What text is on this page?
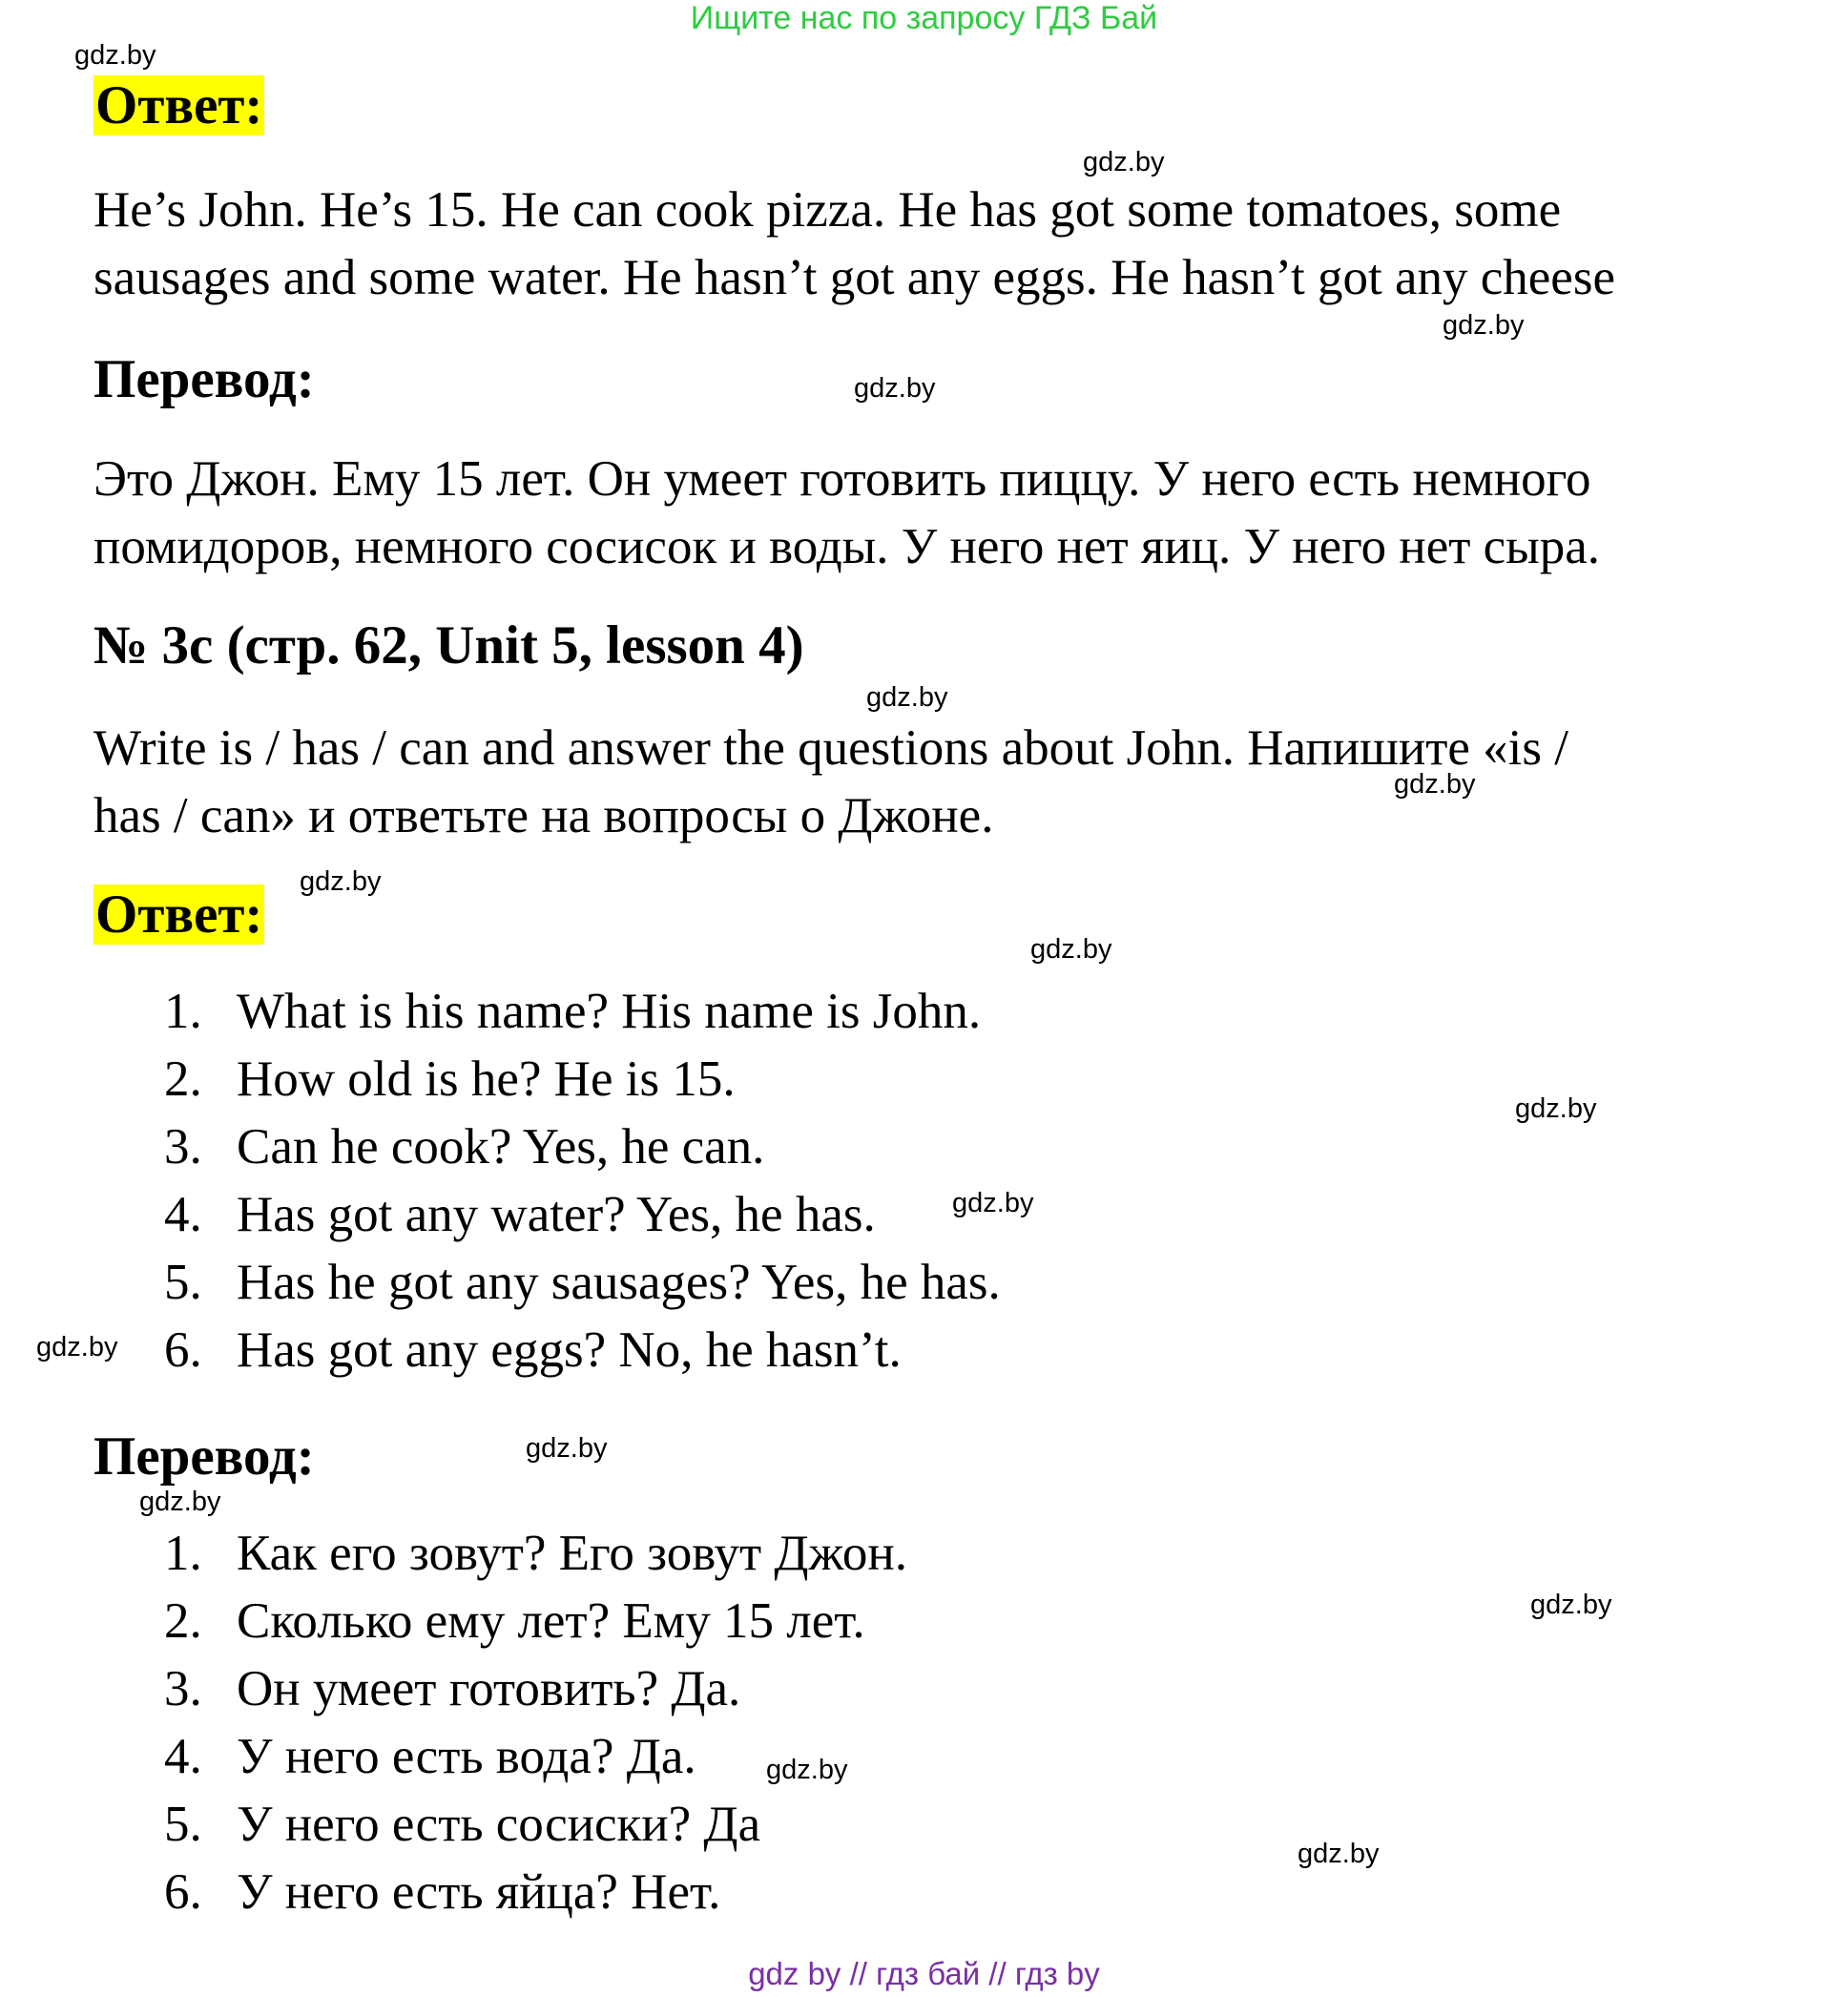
Ищите нас по запросу ГДЗ Бай
gdz.by
gdz.by
gdz.by
gdz.by
gdz.by
gdz.by
gdz.by
gdz.by
gdz.by
gdz.by
gdz.by
gdz.by
gdz.by
gdz.by
gdz.by
gdz.by
Ответ:
He’s John. He’s 15. He can cook pizza. He has got some tomatoes, some
sausages and some water. He hasn’t got any eggs. He hasn’t got any cheese
Перевод:
Это Джон. Ему 15 лет. Он умеет готовить пиццу. У него есть немного
помидоров, немного сосисок и воды. У него нет яиц. У него нет сыра.
№ 3c (стр. 62, Unit 5, lesson 4)
Write is / has / can and answer the questions about John. Напишите «is /
has / can» и ответьте на вопросы о Джоне.
Ответ:
1. What is his name? His name is John.
2. How old is he? He is 15.
3. Can he cook? Yes, he can.
4. Has got any water? Yes, he has.
5. Has he got any sausages? Yes, he has.
6. Has got any eggs? No, he hasn’t.
Перевод:
1. Как его зовут? Его зовут Джон.
2. Сколько ему лет? Ему 15 лет.
3. Он умеет готовить? Да.
4. У него есть вода? Да.
5. У него есть сосиски? Да
6. У него есть яйца? Нет.
gdz by // гдз бай // гдз by
